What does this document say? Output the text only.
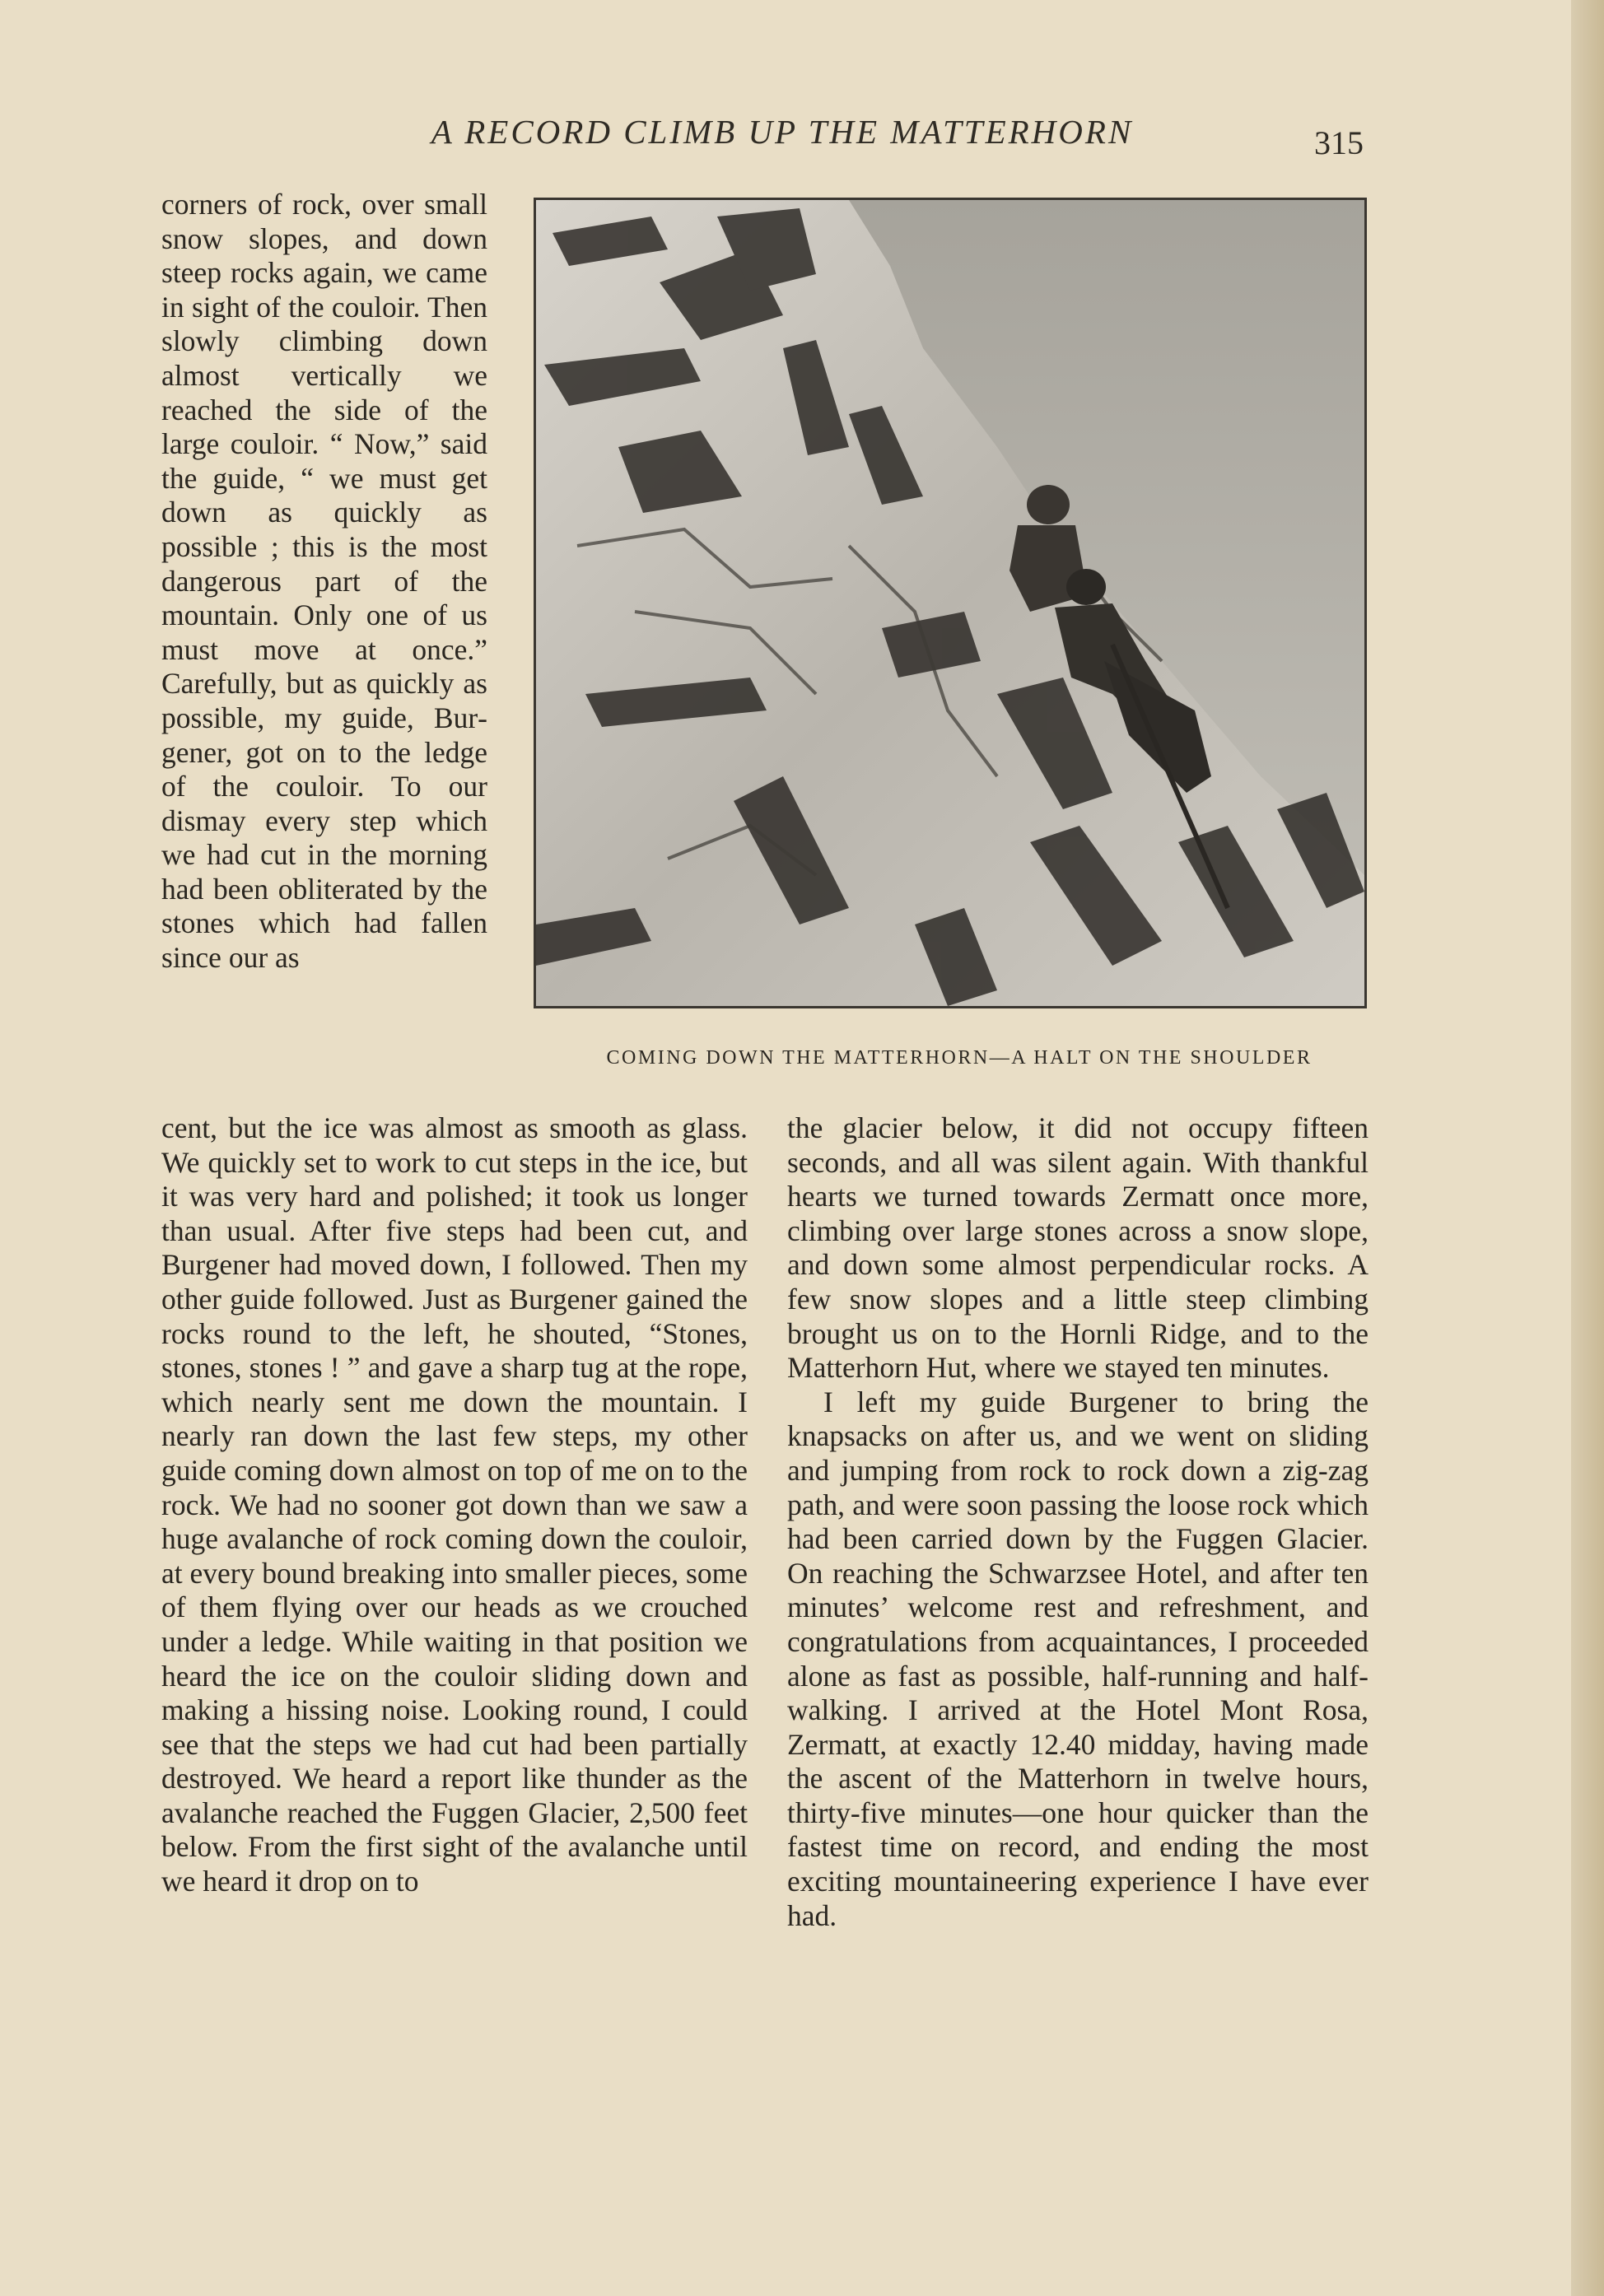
A RECORD CLIMB UP THE MATTERHORN	315

corners of rock, over small snow slopes, and down steep rocks again, we came in sight of the couloir. Then slowly climbing down almost vertically we reached the side of the large couloir. “ Now,” said the guide, “ we must get down as quickly as possible ; this is the most dangerous part of the mountain. Only one of us must move at once.” Carefully, but as quickly as possible, my guide, Burgener, got on to the ledge of the couloir. To our dismay every step which we had cut in the morning had been obliterated by the stones which had fallen since our as

COMING DOWN THE MATTERHORN—A HALT ON THE SHOULDER

cent, but the ice was almost as smooth as glass. We quickly set to work to cut steps in the ice, but it was very hard and polished; it took us longer than usual. After five steps had been cut, and Burgener had moved down, I followed. Then my other guide followed. Just as Burgener gained the rocks round to the left, he shouted, “Stones, stones, stones ! ” and gave a sharp tug at the rope, which nearly sent me down the mountain. I nearly ran down the last few steps, my other guide coming down almost on top of me on to the rock. We had no sooner got down than we saw a huge avalanche of rock coming down the couloir, at every bound breaking into smaller pieces, some of them flying over our heads as we crouched under a ledge. While waiting in that position we heard the ice on the couloir sliding down and making a hissing noise. Looking round, I could see that the steps we had cut had been partially destroyed. We heard a report like thunder as the avalanche reached the Fuggen Glacier, 2,500 feet below. From the first sight of the avalanche until we heard it drop on to

the glacier below, it did not occupy fifteen seconds, and all was silent again. With thankful hearts we turned towards Zermatt once more, climbing over large stones across a snow slope, and down some almost perpendicular rocks. A few snow slopes and a little steep climbing brought us on to the Hornli Ridge, and to the Matterhorn Hut, where we stayed ten minutes.

I left my guide Burgener to bring the knapsacks on after us, and we went on sliding and jumping from rock to rock down a zig-zag path, and were soon passing the loose rock which had been carried down by the Fuggen Glacier. On reaching the Schwarzsee Hotel, and after ten minutes’ welcome rest and refreshment, and congratulations from acquaintances, I proceeded alone as fast as possible, half-running and halfwalking. I arrived at the Hotel Mont Rosa, Zermatt, at exactly 12.40 midday, having made the ascent of the Matterhorn in twelve hours, thirty-five minutes—one hour quicker than the fastest time on record, and ending the most exciting mountaineering experience I have ever had.
